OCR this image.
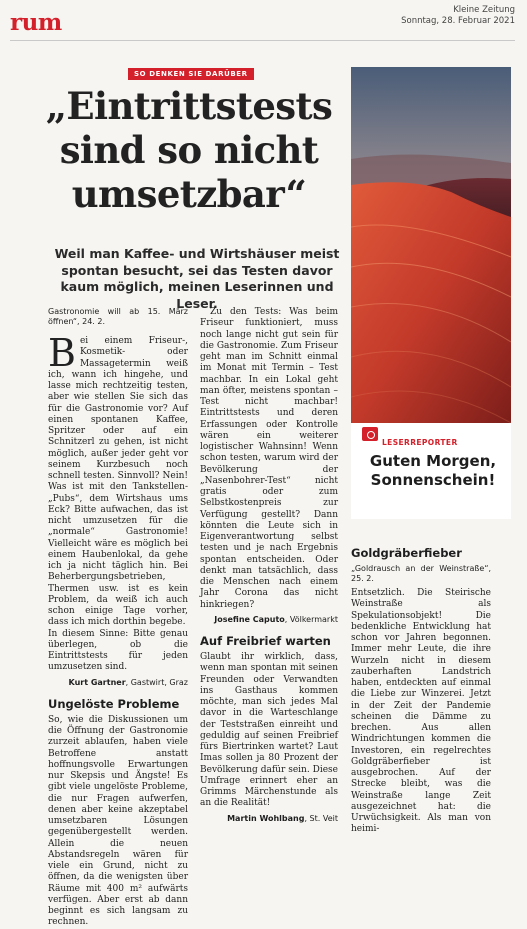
rum	Kleine Zeitung
Sonntag, 28. Februar 2021
SO DENKEN SIE DARÜBER
„Eintrittstests sind so nicht umsetzbar“

Weil man Kaffee- und Wirtshäuser meist spontan besucht, sei das Testen davor kaum möglich, meinen Leserinnen und Leser.

Gastronomie will ab 15. März öffnen“, 24. 2.
B ei einem Friseur-, Kosmetik- oder Massagetermin weiß ich, wann ich hingehe, und lasse mich rechtzeitig testen, aber wie stellen Sie sich das für die Gastronomie vor? Auf einen spontanen Kaffee, Spritzer oder auf ein Schnitzerl zu gehen, ist nicht möglich, außer jeder geht vor seinem Kurzbesuch noch schnell testen. Sinnvoll? Nein! Was ist mit den Tankstellen-„Pubs“, dem Wirtshaus ums Eck? Bitte aufwachen, das ist nicht umzusetzen für die „normale“ Gastronomie! Vielleicht wäre es möglich bei einem Haubenlokal, da gehe ich ja nicht täglich hin. Bei Beherbergungsbetrieben, Thermen usw. ist es kein Problem, da weiß ich auch schon einige Tage vorher, dass ich mich dorthin begebe.

In diesem Sinne: Bitte genau überlegen, ob die Eintrittstests für jeden umzusetzen sind.

Kurt Gartner, Gastwirt, Graz
Ungelöste Probleme

So, wie die Diskussionen um die Öffnung der Gastronomie zurzeit ablaufen, haben viele Betroffene anstatt hoffnungsvolle Erwartungen nur Skepsis und Ängste! Es gibt viele ungelöste Probleme, die nur Fragen aufwerfen, denen aber keine akzeptabel umsetzbaren Lösungen gegenübergestellt werden. Allein die neuen Abstandsregeln wären für viele ein Grund, nicht zu öffnen, da die wenigsten über Räume mit 400 m² aufwärts verfügen. Aber erst ab dann beginnt es sich langsam zu rechnen.

Zu den Tests: Was beim Friseur funktioniert, muss noch lange nicht gut sein für die Gastronomie. Zum Friseur geht man im Schnitt einmal im Monat mit Termin – Test machbar. In ein Lokal geht man öfter, meistens spontan – Test nicht machbar! Eintrittstests und deren Erfassungen oder Kontrolle wären ein weiterer logistischer Wahnsinn! Wenn schon testen, warum wird der Bevölkerung der „Nasenbohrer-Test“ nicht gratis oder zum Selbstkostenpreis zur Verfügung gestellt? Dann könnten die Leute sich in Eigenverantwortung selbst testen und je nach Ergebnis spontan entscheiden. Oder denkt man tatsächlich, dass die Menschen nach einem Jahr Corona das nicht hinkriegen?

Josefine Caputo, Völkermarkt
Auf Freibrief warten

Glaubt ihr wirklich, dass, wenn man spontan mit seinen Freunden oder Verwandten ins Gasthaus kommen möchte, man sich jedes Mal davor in die Warteschlange der Teststraßen einreiht und geduldig auf seinen Freibrief fürs Biertrinken wartet? Laut Imas sollen ja 80 Prozent der Bevölkerung dafür sein. Diese Umfrage erinnert eher an Grimms Märchenstunde als an die Realität!

Martin Wohlbang, St. Veit
LESERREPORTER
Guten Morgen, Sonnenschein!
Goldgräberfieber
„Goldrausch an der Weinstraße“, 25. 2.

Entsetzlich. Die Steirische Weinstraße als Spekulationsobjekt! Die bedenkliche Entwicklung hat schon vor Jahren begonnen. Immer mehr Leute, die ihre Wurzeln nicht in diesem zauberhaften Landstrich haben, entdeckten auf einmal die Liebe zur Winzerei. Jetzt in der Zeit der Pandemie scheinen die Dämme zu brechen. Aus allen Windrichtungen kommen die Investoren, ein regelrechtes Goldgräberfieber ist ausgebrochen. Auf der Strecke bleibt, was die Weinstraße lange Zeit ausgezeichnet hat: die Urwüchsigkeit. Als man von heimi-
